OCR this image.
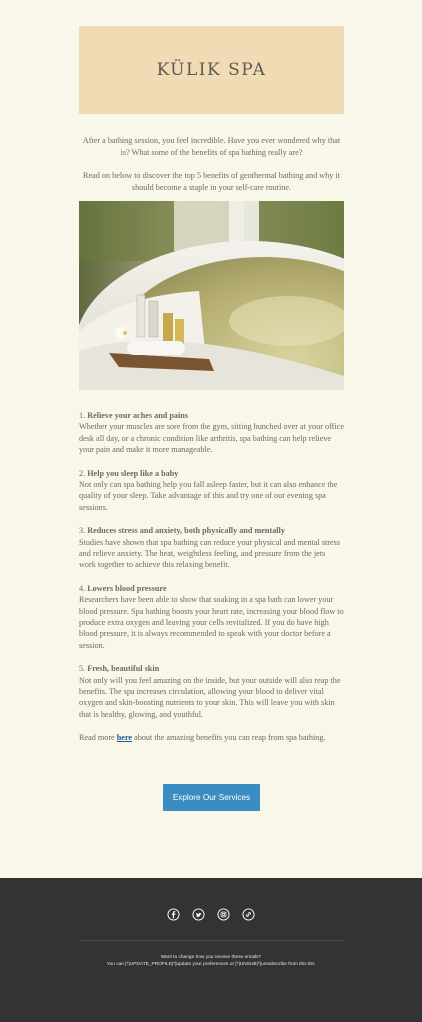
KÜLIK SPA

After a bathing session, you feel incredible. Have you ever wondered why that is? What some of the benefits of spa bathing really are?

Read on below to discover the top 5 benefits of geothermal bathing and why it should become a staple in your self-care routine.

1. Relieve your aches and pains
Whether your muscles are sore from the gym, sitting hunched over at your office desk all day, or a chronic condition like arthritis, spa bathing can help relieve your pain and make it more manageable.
2. Help you sleep like a baby
Not only can spa bathing help you fall asleep faster, but it can also enhance the quality of your sleep. Take advantage of this and try one of our evening spa sessions.
3. Reduces stress and anxiety, both physically and mentally
Studies have shown that spa bathing can reduce your physical and mental stress and relieve anxiety. The heat, weightless feeling, and pressure from the jets work together to achieve this relaxing benefit.
4. Lowers blood pressure
Researchers have been able to show that soaking in a spa bath can lower your blood pressure. Spa bathing boosts your heart rate, increasing your blood flow to produce extra oxygen and leaving your cells revitalized. If you do have high blood pressure, it is always recommended to speak with your doctor before a session.
5. Fresh, beautiful skin
Not only will you feel amazing on the inside, but your outside will also reap the benefits. The spa increases circulation, allowing your blood to deliver vital oxygen and skin-boosting nutrients to your skin. This will leave you with skin that is healthy, glowing, and youthful.

Read more here about the amazing benefits you can reap from spa bathing.

Explore Our Services

Want to change how you receive these emails?
You can [*|UPDATE_PROFILE|*]update your preferences or [*|UNSUB|*]unsubscribe from this list.
